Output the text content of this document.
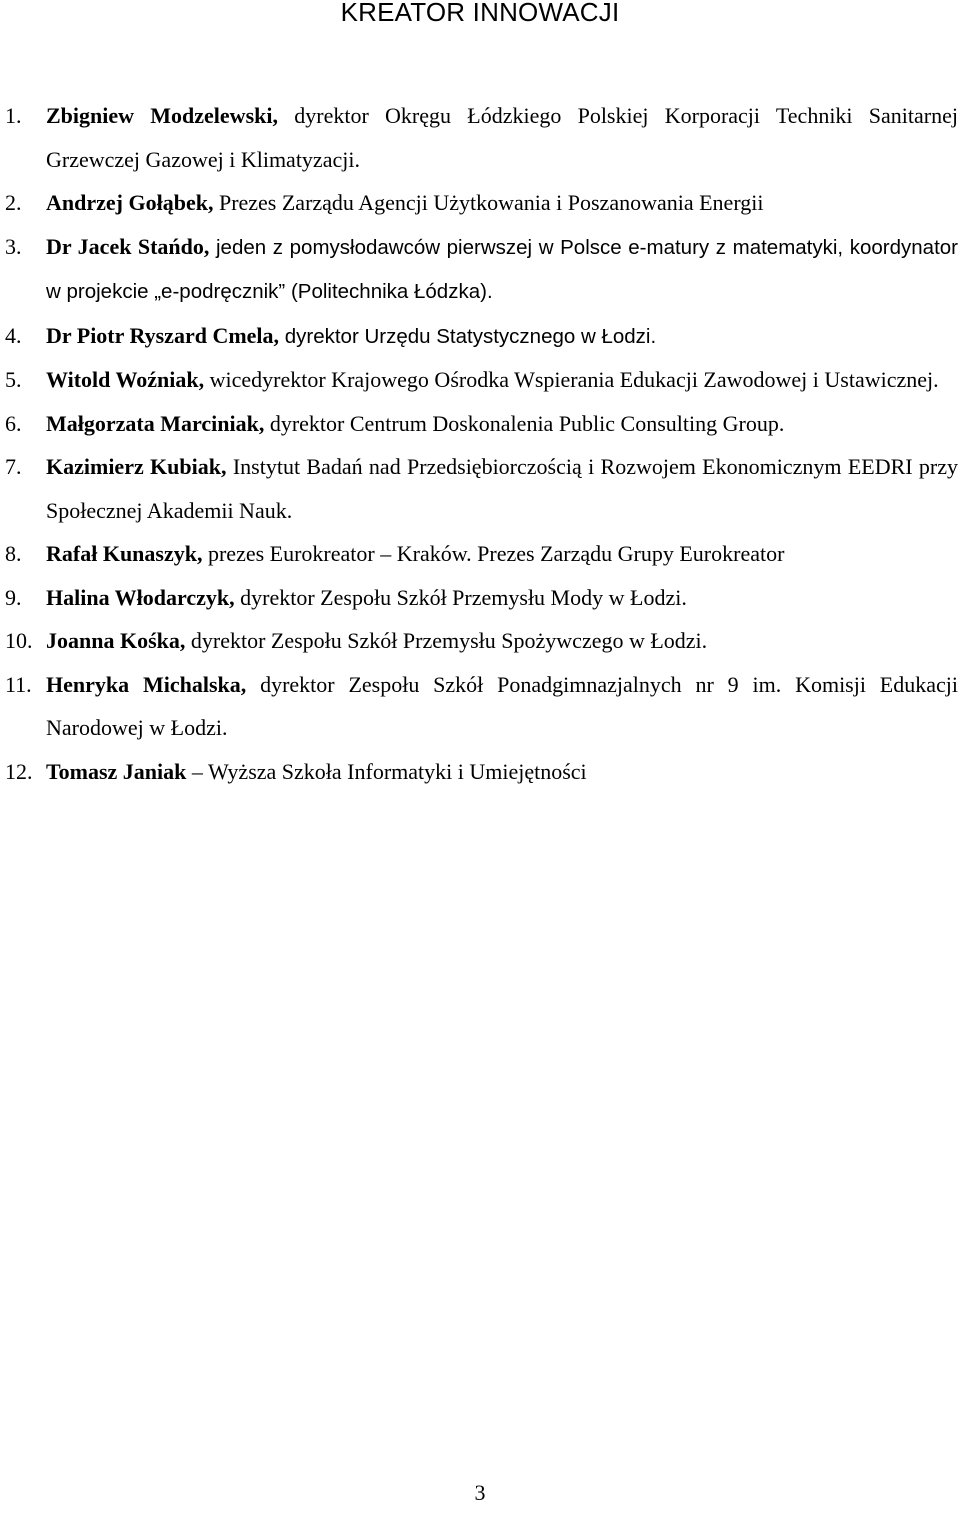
KREATOR INNOWACJI
1. Zbigniew Modzelewski, dyrektor Okręgu Łódzkiego Polskiej Korporacji Techniki Sanitarnej Grzewczej Gazowej i Klimatyzacji.
2. Andrzej Gołąbek, Prezes Zarządu Agencji Użytkowania i Poszanowania Energii
3. Dr Jacek Stańdo, jeden z pomysłodawców pierwszej w Polsce e-matury z matematyki, koordynator w projekcie „e-podręcznik” (Politechnika Łódzka).
4. Dr Piotr Ryszard Cmela, dyrektor Urzędu Statystycznego w Łodzi.
5. Witold Woźniak, wicedyrektor Krajowego Ośrodka Wspierania Edukacji Zawodowej i Ustawicznej.
6. Małgorzata Marciniak, dyrektor Centrum Doskonalenia Public Consulting Group.
7. Kazimierz Kubiak, Instytut Badań nad Przedsiębiorczością i Rozwojem Ekonomicznym EEDRI przy Społecznej Akademii Nauk.
8. Rafał Kunaszyk, prezes Eurokreator – Kraków. Prezes Zarządu Grupy Eurokreator
9. Halina Włodarczyk, dyrektor Zespołu Szkół Przemysłu Mody w Łodzi.
10. Joanna Kośka, dyrektor Zespołu Szkół Przemysłu Spożywczego w Łodzi.
11. Henryka Michalska, dyrektor Zespołu Szkół Ponadgimnazjalnych nr 9 im. Komisji Edukacji Narodowej w Łodzi.
12. Tomasz Janiak – Wyższa Szkoła Informatyki i Umiejętności
3
